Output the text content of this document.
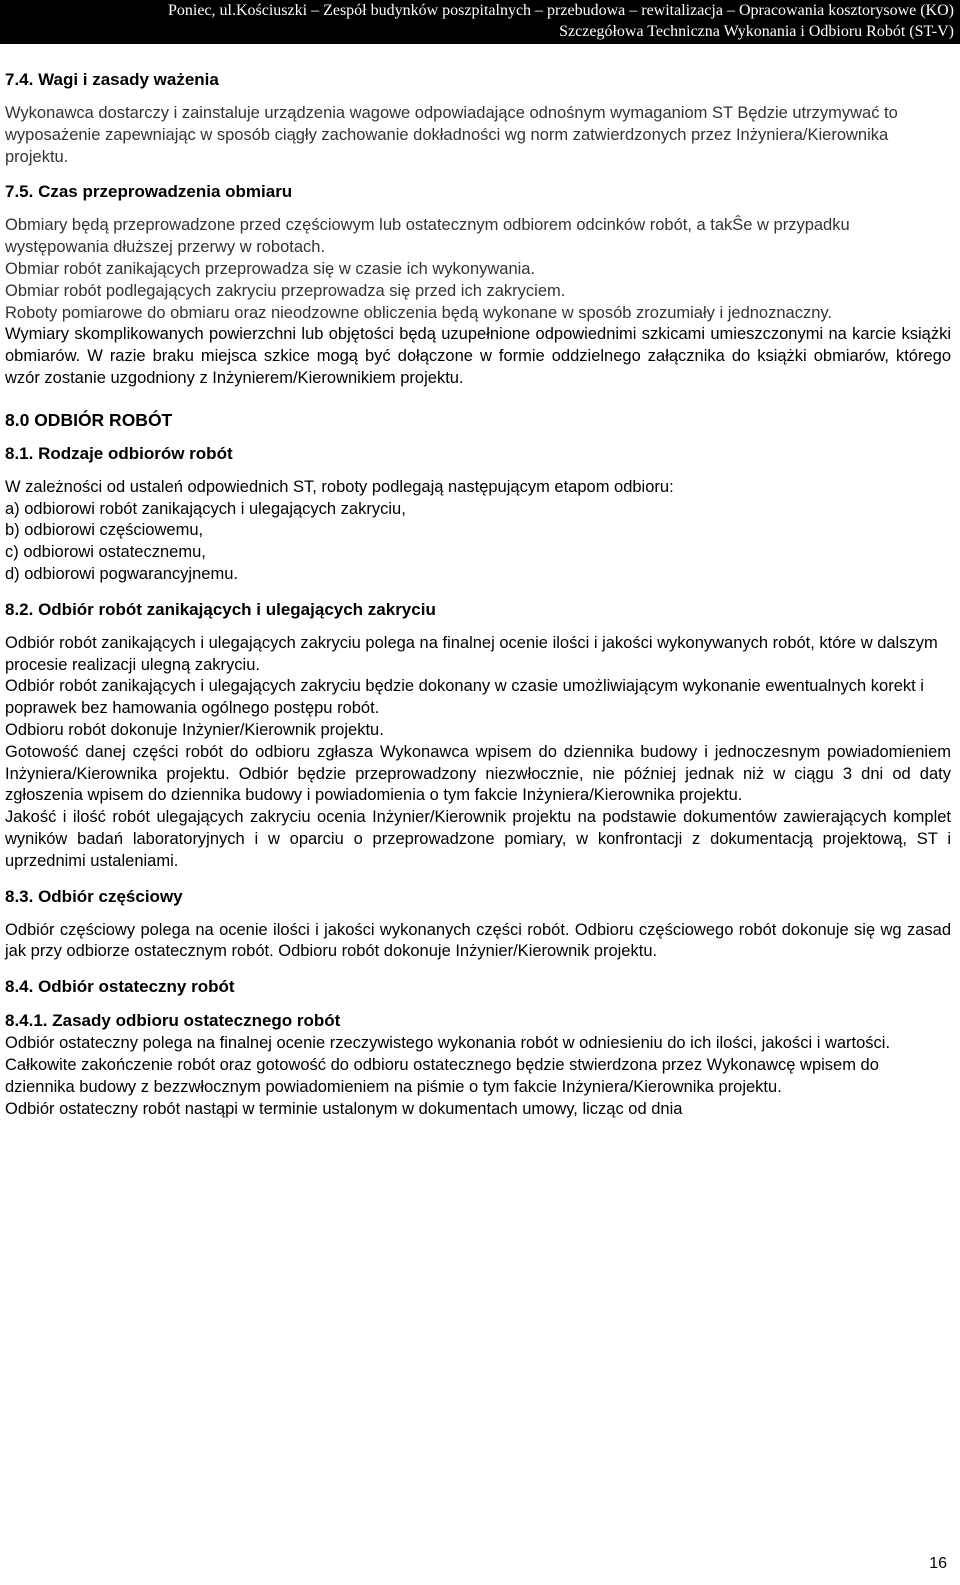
Poniec, ul.Kościuszki – Zespół budynków poszpitalnych – przebudowa – rewitalizacja – Opracowania kosztorysowe (KO)
Szczegółowa Techniczna Wykonania i Odbioru Robót (ST-V)
7.4. Wagi i zasady ważenia

Wykonawca dostarczy i zainstaluje urządzenia wagowe odpowiadające odnośnym wymaganiom ST Będzie utrzymywać to wyposażenie zapewniając w sposób ciągły zachowanie dokładności wg norm zatwierdzonych przez Inżyniera/Kierownika projektu.

7.5. Czas przeprowadzenia obmiaru

Obmiary będą przeprowadzone przed częściowym lub ostatecznym odbiorem odcinków robót, a takŜe w przypadku występowania dłuższej przerwy w robotach.

Obmiar robót zanikających przeprowadza się w czasie ich wykonywania.

Obmiar robót podlegających zakryciu przeprowadza się przed ich zakryciem.

Roboty pomiarowe do obmiaru oraz nieodzowne obliczenia będą wykonane w sposób zrozumiały i jednoznaczny.

Wymiary skomplikowanych powierzchni lub objętości będą uzupełnione odpowiednimi szkicami umieszczonymi na karcie książki obmiarów. W razie braku miejsca szkice mogą być dołączone w formie oddzielnego załącznika do książki obmiarów, którego wzór zostanie uzgodniony z Inżynierem/Kierownikiem projektu.

8.0 ODBIÓR ROBÓT
8.1. Rodzaje odbiorów robót

W zależności od ustaleń odpowiednich ST, roboty podlegają następującym etapom odbioru:

a) odbiorowi robót zanikających i ulegających zakryciu,

b) odbiorowi częściowemu,

c) odbiorowi ostatecznemu,

d) odbiorowi pogwarancyjnemu.

8.2. Odbiór robót zanikających i ulegających zakryciu

Odbiór robót zanikających i ulegających zakryciu polega na finalnej ocenie ilości i jakości wykonywanych robót, które w dalszym procesie realizacji ulegną zakryciu.

Odbiór robót zanikających i ulegających zakryciu będzie dokonany w czasie umożliwiającym wykonanie ewentualnych korekt i poprawek bez hamowania ogólnego postępu robót.

Odbioru robót dokonuje Inżynier/Kierownik projektu.

Gotowość danej części robót do odbioru zgłasza Wykonawca wpisem do dziennika budowy i jednoczesnym powiadomieniem Inżyniera/Kierownika projektu. Odbiór będzie przeprowadzony niezwłocznie, nie później jednak niż w ciągu 3 dni od daty zgłoszenia wpisem do dziennika budowy i powiadomienia o tym fakcie Inżyniera/Kierownika projektu.

Jakość i ilość robót ulegających zakryciu ocenia Inżynier/Kierownik projektu na podstawie dokumentów zawierających komplet wyników badań laboratoryjnych i w oparciu o przeprowadzone pomiary, w konfrontacji z dokumentacją projektową, ST i uprzednimi ustaleniami.

8.3. Odbiór częściowy

Odbiór częściowy polega na ocenie ilości i jakości wykonanych części robót. Odbioru częściowego robót dokonuje się wg zasad jak przy odbiorze ostatecznym robót. Odbioru robót dokonuje Inżynier/Kierownik projektu.

8.4. Odbiór ostateczny robót
8.4.1. Zasady odbioru ostatecznego robót

Odbiór ostateczny polega na finalnej ocenie rzeczywistego wykonania robót w odniesieniu do ich ilości, jakości i wartości.

Całkowite zakończenie robót oraz gotowość do odbioru ostatecznego będzie stwierdzona przez Wykonawcę wpisem do dziennika budowy z bezzwłocznym powiadomieniem na piśmie o tym fakcie Inżyniera/Kierownika projektu.

Odbiór ostateczny robót nastąpi w terminie ustalonym w dokumentach umowy, licząc od dnia

16
